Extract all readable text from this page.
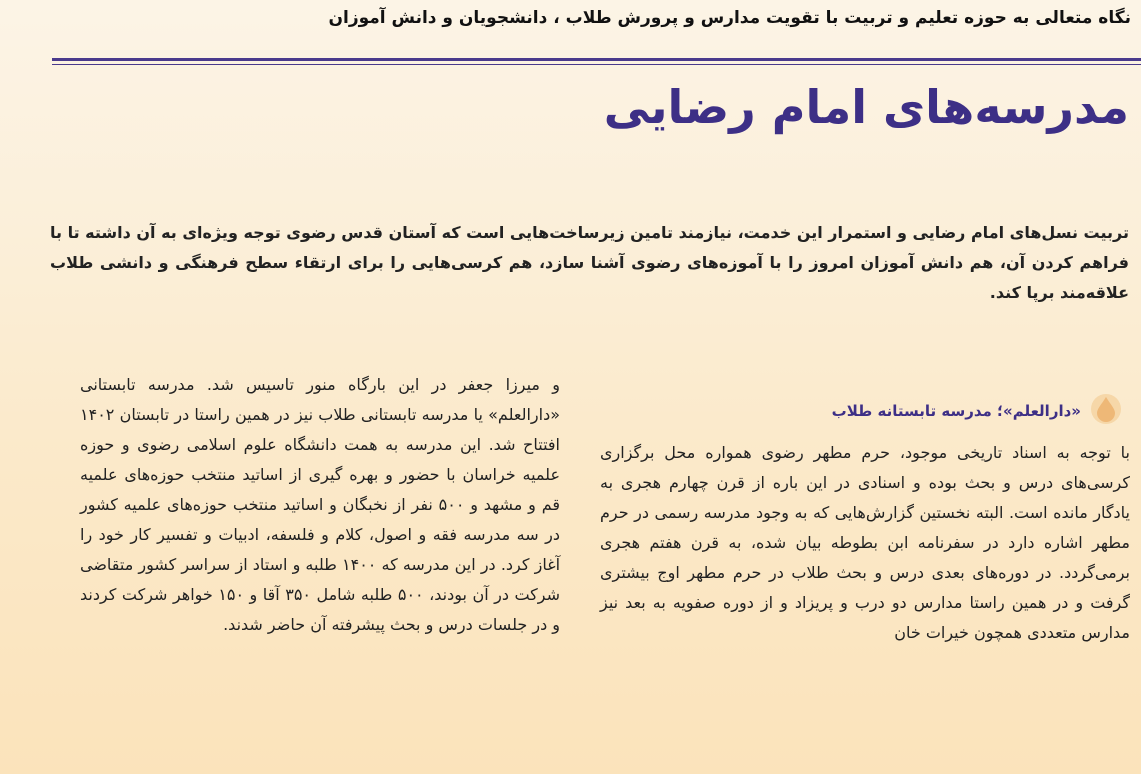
نگاه متعالی به حوزه تعلیم و تربیت با تقویت مدارس و پرورش طلاب ، دانشجویان و دانش آموزان
مدرسه‌های امام رضایی

تربیت نسل‌های امام رضایی و استمرار این خدمت، نیازمند تامین زیرساخت‌هایی است که آستان قدس رضوی توجه ویژه‌ای به آن داشته تا با فراهم کردن آن، هم دانش آموزان امروز را با آموزه‌های رضوی آشنا سازد، هم کرسی‌هایی را برای ارتقاء سطح فرهنگی و دانشی طلاب علاقه‌مند برپا کند.

«دارالعلم»؛ مدرسه تابستانه طلاب

با توجه به اسناد تاریخی موجود، حرم مطهر رضوی همواره محل برگزاری کرسی‌های درس و بحث بوده و اسنادی در این باره از قرن چهارم هجری به یادگار مانده است. البته نخستین گزارش‌هایی که به وجود مدرسه رسمی در حرم مطهر اشاره دارد در سفرنامه ابن بطوطه بیان شده، به قرن هفتم هجری برمی‌گردد. در دوره‌های بعدی درس و بحث طلاب در حرم مطهر اوج بیشتری گرفت و در همین راستا مدارس دو درب و پریزاد و از دوره صفویه به بعد نیز مدارس متعددی همچون خیرات خان

و میرزا جعفر در این بارگاه منور تاسیس شد. مدرسه تابستانی «دارالعلم» یا مدرسه تابستانی طلاب نیز در همین راستا در تابستان ۱۴۰۲ افتتاح شد. این مدرسه به همت دانشگاه علوم اسلامی رضوی و حوزه علمیه خراسان با حضور و بهره گیری از اساتید منتخب حوزه‌های علمیه قم و مشهد و ۵۰۰ نفر از نخبگان و اساتید منتخب حوزه‌های علمیه کشور در سه مدرسه فقه و اصول، کلام و فلسفه، ادبیات و تفسیر کار خود را آغاز کرد. در این مدرسه که ۱۴۰۰ طلبه و استاد از سراسر کشور متقاضی شرکت در آن بودند، ۵۰۰ طلبه شامل ۳۵۰ آقا و ۱۵۰ خواهر شرکت کردند و در جلسات درس و بحث پیشرفته آن حاضر شدند.
